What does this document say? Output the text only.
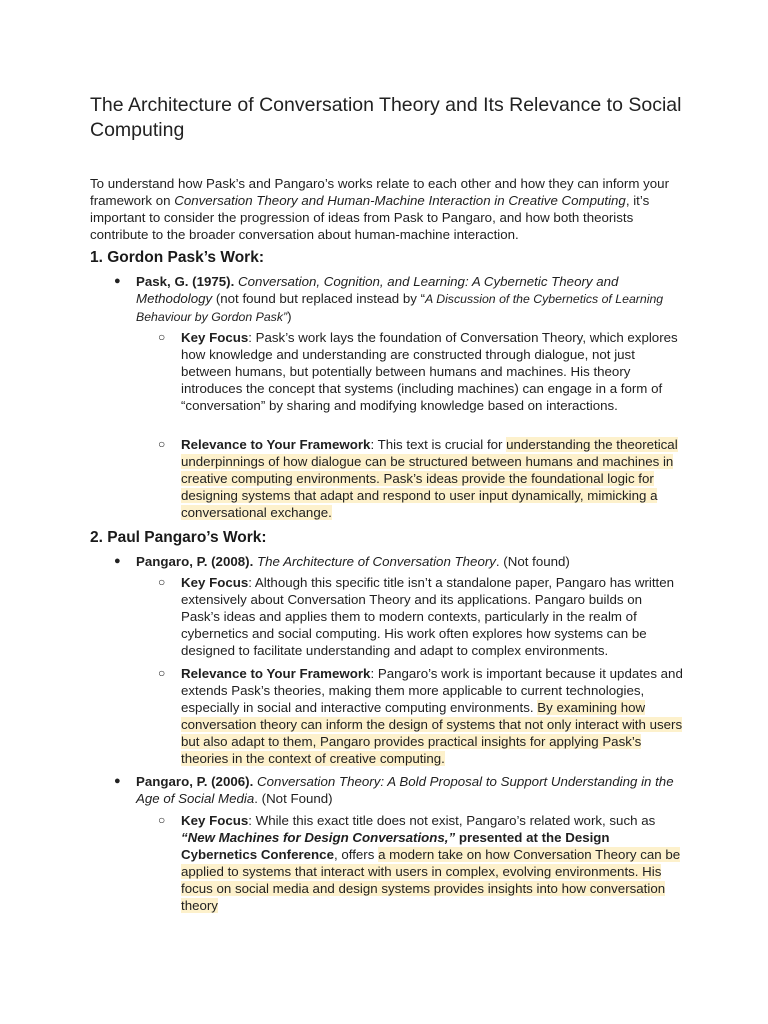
The Architecture of Conversation Theory and Its Relevance to Social Computing

To understand how Pask’s and Pangaro’s works relate to each other and how they can inform your framework on Conversation Theory and Human-Machine Interaction in Creative Computing, it’s important to consider the progression of ideas from Pask to Pangaro, and how both theorists contribute to the broader conversation about human-machine interaction.

1. Gordon Pask’s Work:
● Pask, G. (1975). Conversation, Cognition, and Learning: A Cybernetic Theory and Methodology (not found but replaced instead by “A Discussion of the Cybernetics of Learning Behaviour by Gordon Pask”)

○ Key Focus: Pask’s work lays the foundation of Conversation Theory, which explores how knowledge and understanding are constructed through dialogue, not just between humans, but potentially between humans and machines. His theory introduces the concept that systems (including machines) can engage in a form of “conversation” by sharing and modifying knowledge based on interactions.

○ Relevance to Your Framework: This text is crucial for understanding the theoretical underpinnings of how dialogue can be structured between humans and machines in creative computing environments. Pask’s ideas provide the foundational logic for designing systems that adapt and respond to user input dynamically, mimicking a conversational exchange.

2. Paul Pangaro’s Work:
● Pangaro, P. (2008). The Architecture of Conversation Theory. (Not found)

○ Key Focus: Although this specific title isn’t a standalone paper, Pangaro has written extensively about Conversation Theory and its applications. Pangaro builds on Pask’s ideas and applies them to modern contexts, particularly in the realm of cybernetics and social computing. His work often explores how systems can be designed to facilitate understanding and adapt to complex environments.

○ Relevance to Your Framework: Pangaro’s work is important because it updates and extends Pask’s theories, making them more applicable to current technologies, especially in social and interactive computing environments. By examining how conversation theory can inform the design of systems that not only interact with users but also adapt to them, Pangaro provides practical insights for applying Pask’s theories in the context of creative computing.

● Pangaro, P. (2006). Conversation Theory: A Bold Proposal to Support Understanding in the Age of Social Media. (Not Found)

○ Key Focus: While this exact title does not exist, Pangaro’s related work, such as “New Machines for Design Conversations,” presented at the Design Cybernetics Conference, offers a modern take on how Conversation Theory can be applied to systems that interact with users in complex, evolving environments. His focus on social media and design systems provides insights into how conversation theory
